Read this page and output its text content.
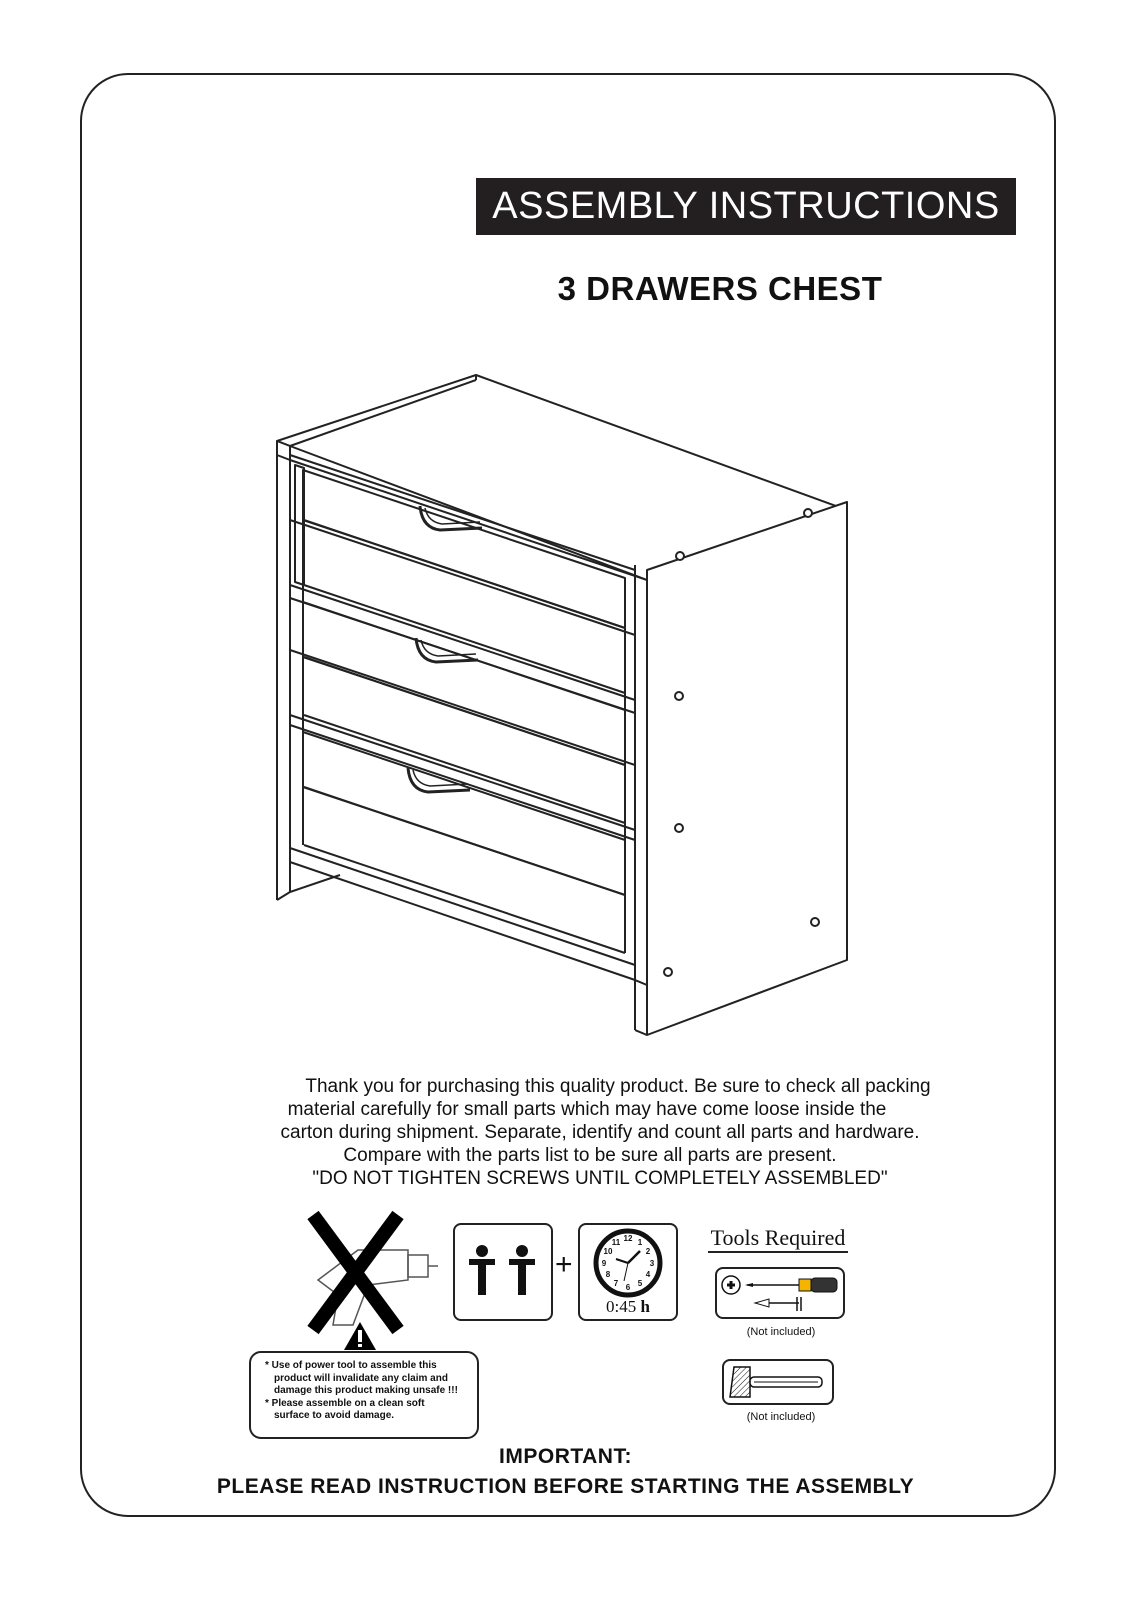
ASSEMBLY INSTRUCTIONS
3 DRAWERS CHEST
Thank you for purchasing this quality product. Be sure to check all packing
material carefully for small parts which may have come loose inside the
carton during shipment. Separate, identify and count all parts and hardware.
Compare with the parts list to be sure all parts are present.
"DO NOT TIGHTEN SCREWS UNTIL COMPLETELY ASSEMBLED"
* Use of power tool to assemble this
product will invalidate any claim and
damage this product making unsafe !!!
* Please assemble on a clean soft
surface to avoid damage.
+
12 1
2
3
4
5
6
7
8
9
10
11
0:45 h
Tools Required
(Not included)
(Not included)
IMPORTANT:
PLEASE READ INSTRUCTION BEFORE STARTING THE ASSEMBLY
